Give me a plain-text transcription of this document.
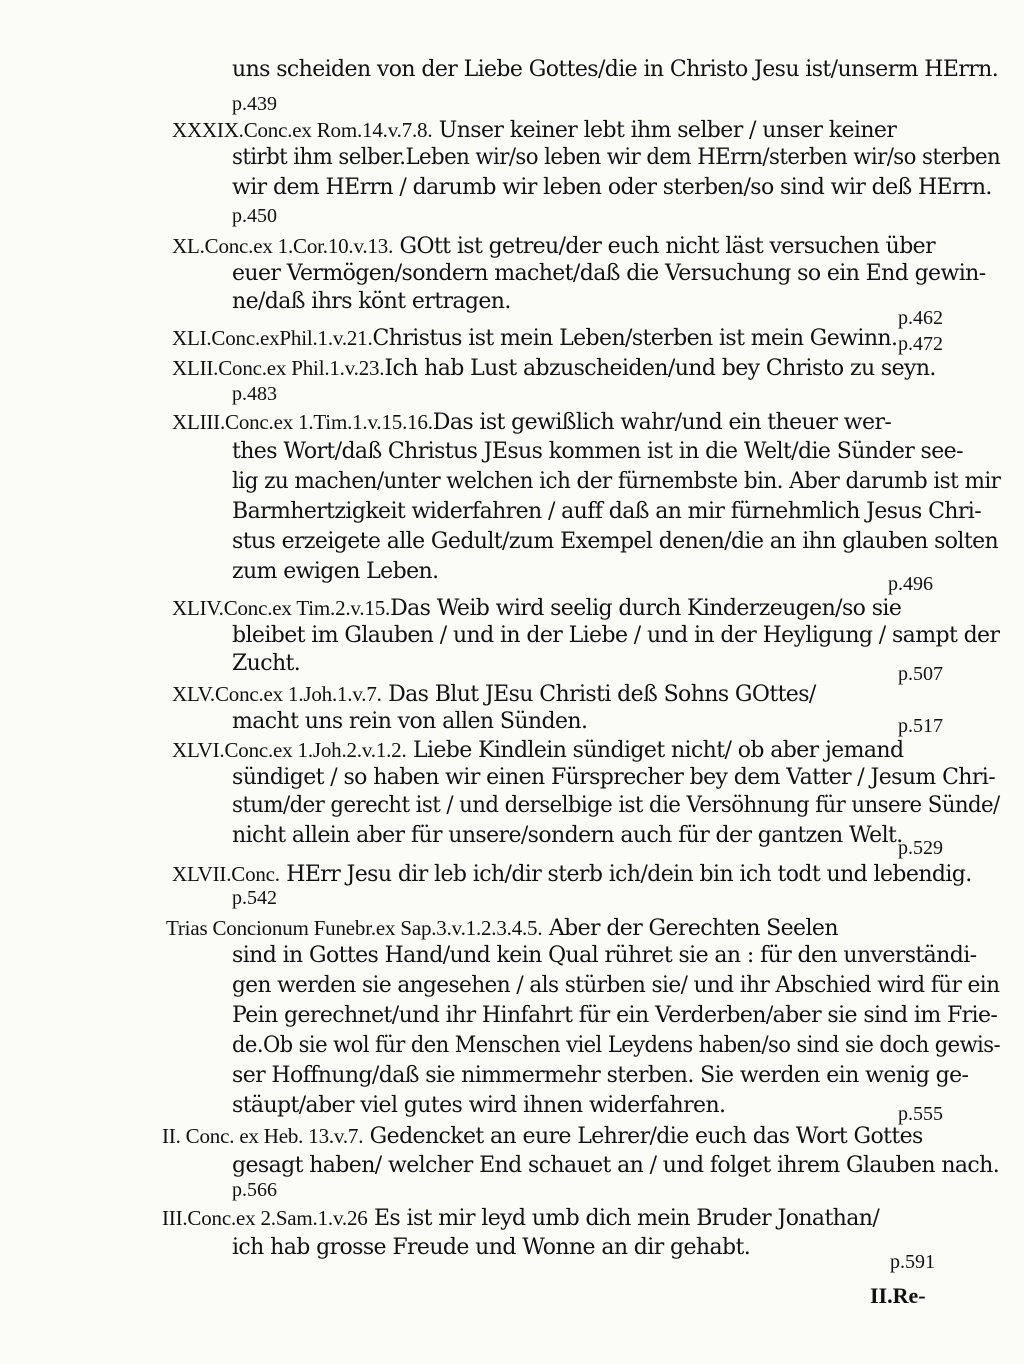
uns scheiden von der Liebe Gottes/die in Christo Jesu ist/unserm HErrn.
p.439
XXXIX.Conc.ex Rom.14.v.7.8. Unser keiner lebt ihm selber / unser keiner
stirbt ihm selber.Leben wir/so leben wir dem HErrn/sterben wir/so sterben
wir dem HErrn / darumb wir leben oder sterben/so sind wir deß HErrn.
p.450
XL.Conc.ex 1.Cor.10.v.13. GOtt ist getreu/der euch nicht läst versuchen über
euer Vermögen/sondern machet/daß die Versuchung so ein End gewin-
ne/daß ihrs könt ertragen.
p.462
XLI.Conc.exPhil.1.v.21.Christus ist mein Leben/sterben ist mein Gewinn. p.472
XLII.Conc.ex Phil.1.v.23.Ich hab Lust abzuscheiden/und bey Christo zu seyn.
p.483
XLIII.Conc.ex 1.Tim.1.v.15.16.Das ist gewißlich wahr/und ein theuer wer-
thes Wort/daß Christus JEsus kommen ist in die Welt/die Sünder see-
lig zu machen/unter welchen ich der fürnembste bin. Aber darumb ist mir
Barmhertzigkeit widerfahren / auff daß an mir fürnehmlich Jesus Chri-
stus erzeigete alle Gedult/zum Exempel denen/die an ihn glauben solten
zum ewigen Leben.	p.496
XLIV.Conc.ex Tim.2.v.15.Das Weib wird seelig durch Kinderzeugen/so sie
bleibet im Glauben / und in der Liebe / und in der Heyligung / sampt der
Zucht.	p.507
XLV.Conc.ex 1.Joh.1.v.7. Das Blut JEsu Christi deß Sohns GOttes/
macht uns rein von allen Sünden.	p.517
XLVI.Conc.ex 1.Joh.2.v.1.2. Liebe Kindlein sündiget nicht/ ob aber jemand
sündiget / so haben wir einen Fürsprecher bey dem Vatter / Jesum Chri-
stum/der gerecht ist / und derselbige ist die Versöhnung für unsere Sünde/
nicht allein aber für unsere/sondern auch für der gantzen Welt.
p.529
XLVII.Conc. HErr Jesu dir leb ich/dir sterb ich/dein bin ich todt und lebendig.
p.542
Trias Concionum Funebr.ex Sap.3.v.1.2.3.4.5. Aber der Gerechten Seelen
sind in Gottes Hand/und kein Qual rühret sie an : für den unverständi-
gen werden sie angesehen / als stürben sie/ und ihr Abschied wird für ein
Pein gerechnet/und ihr Hinfahrt für ein Verderben/aber sie sind im Frie-
de.Ob sie wol für den Menschen viel Leydens haben/so sind sie doch gewis-
ser Hoffnung/daß sie nimmermehr sterben. Sie werden ein wenig ge-
stäupt/aber viel gutes wird ihnen widerfahren.	p.555
II. Conc. ex Heb. 13.v.7. Gedencket an eure Lehrer/die euch das Wort Gottes
gesagt haben/ welcher End schauet an / und folget ihrem Glauben nach.
p.566
III.Conc.ex 2.Sam.1.v.26 Es ist mir leyd umb dich mein Bruder Jonathan/
ich hab grosse Freude und Wonne an dir gehabt.
p.591
II.Re-
